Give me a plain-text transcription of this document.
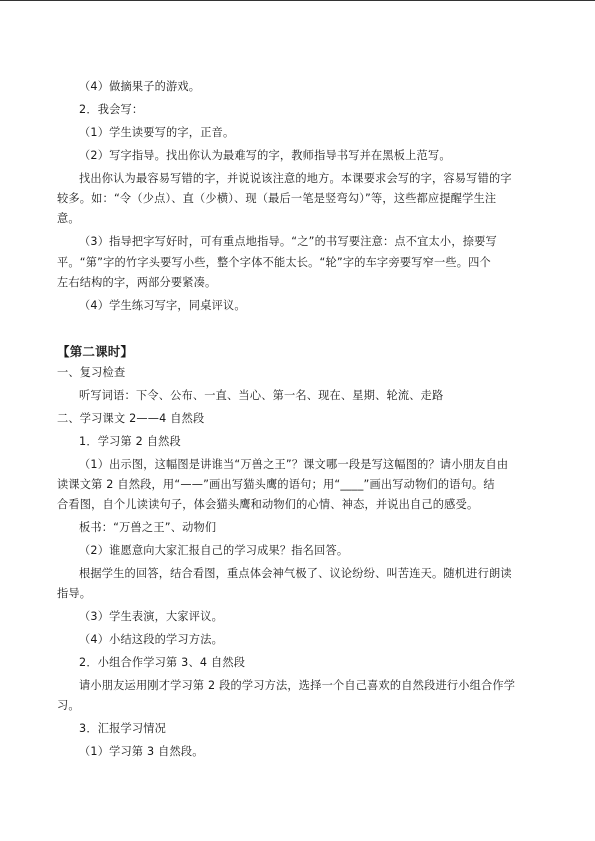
（4）做摘果子的游戏。
2．我会写：
（1）学生读要写的字，正音。
（2）写字指导。找出你认为最难写的字，教师指导书写并在黑板上范写。
找出你认为最容易写错的字，并说说该注意的地方。本课要求会写的字，容易写错的字
较多。如：“令（少点）、直（少横）、现（最后一笔是竖弯勾）”等，这些都应提醒学生注
意。
（3）指导把字写好时，可有重点地指导。“之”的书写要注意：点不宜太小，捺要写
平。“第”字的竹字头要写小些，整个字体不能太长。“轮”字的车字旁要写窄一些。四个
左右结构的字，两部分要紧凑。
（4）学生练习写字，同桌评议。
【第二课时】
一、复习检查
听写词语：下令、公布、一直、当心、第一名、现在、星期、轮流、走路
二、学习课文 2——4 自然段
1．学习第 2 自然段
（1）出示图，这幅图是讲谁当“万兽之王”？课文哪一段是写这幅图的？请小朋友自由
读课文第 2 自然段，用“——”画出写猫头鹰的语句；用“____”画出写动物们的语句。结
合看图，自个儿读读句子，体会猫头鹰和动物们的心情、神态，并说出自己的感受。
板书：“万兽之王”、动物们
（2）谁愿意向大家汇报自己的学习成果？指名回答。
根据学生的回答，结合看图，重点体会神气极了、议论纷纷、叫苦连天。随机进行朗读
指导。
（3）学生表演，大家评议。
（4）小结这段的学习方法。
2．小组合作学习第 3、4 自然段
请小朋友运用刚才学习第 2 段的学习方法，选择一个自己喜欢的自然段进行小组合作学
习。
3．汇报学习情况
（1）学习第 3 自然段。
